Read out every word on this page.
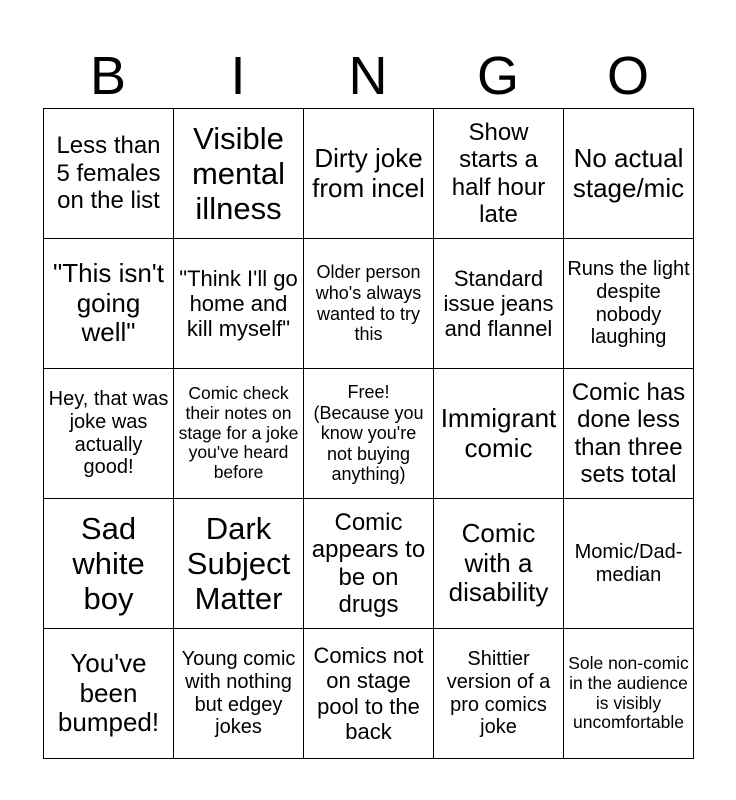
B	I	N	G	O
Less than 5 females on the list	Visible mental illness	Dirty joke from incel	Show starts a half hour late	No actual stage/mic
"This isn't going well"	"Think I'll go home and kill myself"	Older person who's always wanted to try this	Standard issue jeans and flannel	Runs the light despite nobody laughing
Hey, that was joke was actually good!	Comic check their notes on stage for a joke you've heard before	Free! (Because you know you're not buying anything)	Immigrant comic	Comic has done less than three sets total
Sad white boy	Dark Subject Matter	Comic appears to be on drugs	Comic with a disability	Momic/Dad-median
You've been bumped!	Young comic with nothing but edgey jokes	Comics not on stage pool to the back	Shittier version of a pro comics joke	Sole non-comic in the audience is visibly uncomfortable
